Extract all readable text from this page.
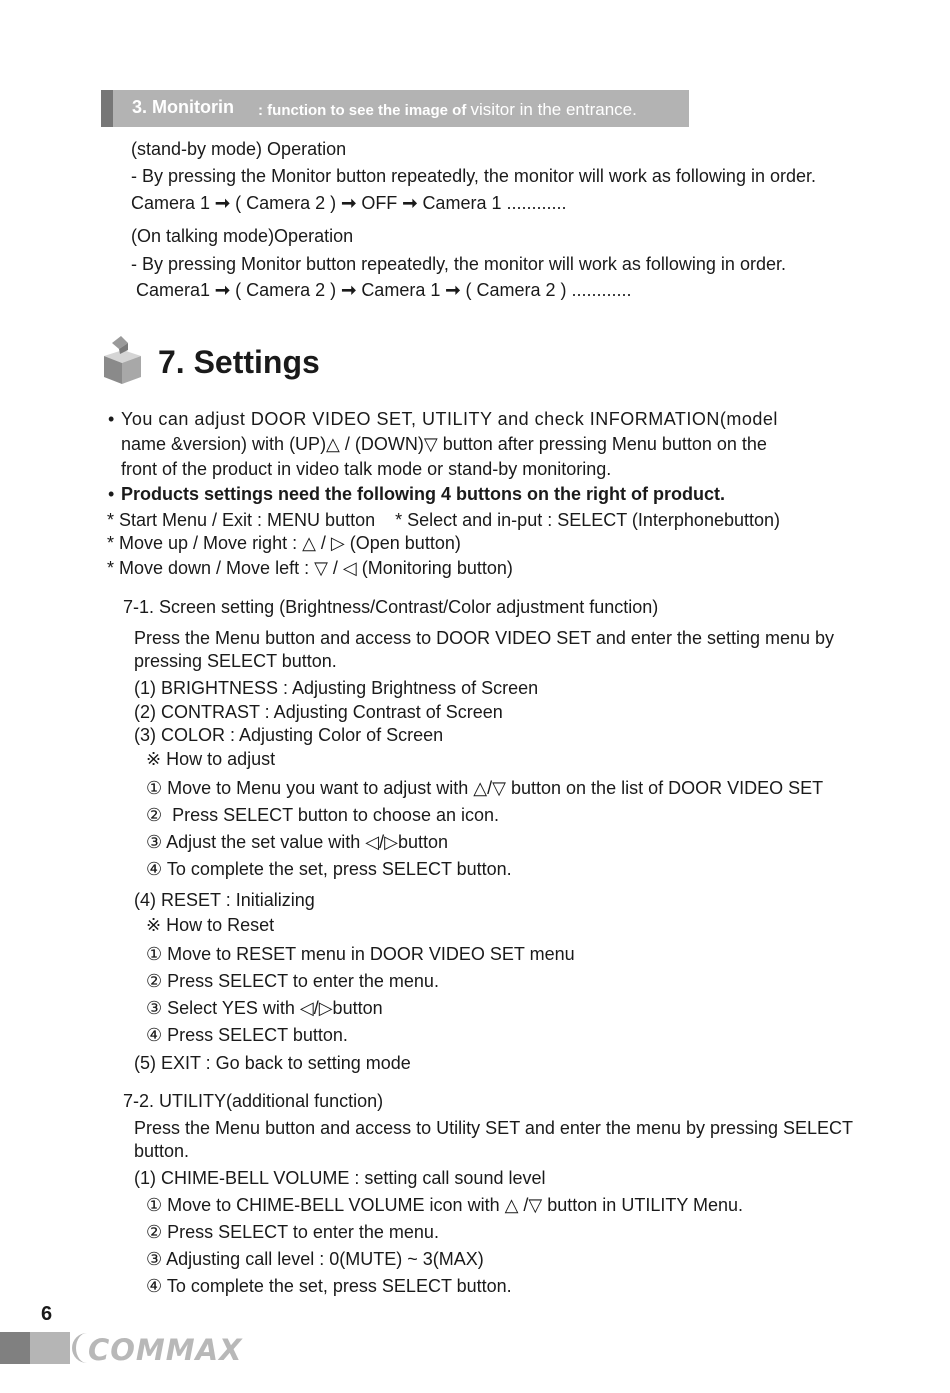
3. Monitorin : function to see the image of visitor in the entrance.
(stand-by mode) Operation
- By pressing the Monitor button repeatedly, the monitor will work as following in order.
Camera 1 ➞ ( Camera 2 ) ➞ OFF ➞ Camera 1 ............
(On talking mode)Operation
- By pressing Monitor button repeatedly, the monitor will work as following in order.
Camera1 ➞ ( Camera 2 ) ➞ Camera 1 ➞ ( Camera 2 ) ............
7. Settings
• You can adjust DOOR VIDEO SET, UTILITY and check INFORMATION(model
name &version) with (UP)△ / (DOWN)▽ button after pressing Menu button on the
front of the product in video talk mode or stand-by monitoring.
• Products settings need the following 4 buttons on the right of product.
* Start Menu / Exit : MENU button    * Select and in-put : SELECT (Interphonebutton)
* Move up / Move right : △ / ▷ (Open button)
* Move down / Move left : ▽ / ◁ (Monitoring button)
7-1. Screen setting (Brightness/Contrast/Color adjustment function)
Press the Menu button and access to DOOR VIDEO SET and enter the setting menu by
pressing SELECT button.
(1) BRIGHTNESS : Adjusting Brightness of Screen
(2) CONTRAST : Adjusting Contrast of Screen
(3) COLOR : Adjusting Color of Screen
※ How to adjust
① Move to Menu you want to adjust with △/▽ button on the list of DOOR VIDEO SET
②  Press SELECT button to choose an icon.
③ Adjust the set value with ◁/▷button
④ To complete the set, press SELECT button.
(4) RESET : Initializing
※ How to Reset
① Move to RESET menu in DOOR VIDEO SET menu
② Press SELECT to enter the menu.
③ Select YES with ◁/▷button
④ Press SELECT button.
(5) EXIT : Go back to setting mode
7-2. UTILITY(additional function)
Press the Menu button and access to Utility SET and enter the menu by pressing SELECT
button.
(1) CHIME-BELL VOLUME : setting call sound level
① Move to CHIME-BELL VOLUME icon with △ /▽ button in UTILITY Menu.
② Press SELECT to enter the menu.
③ Adjusting call level : 0(MUTE) ~ 3(MAX)
④ To complete the set, press SELECT button.
6
COMMAX
